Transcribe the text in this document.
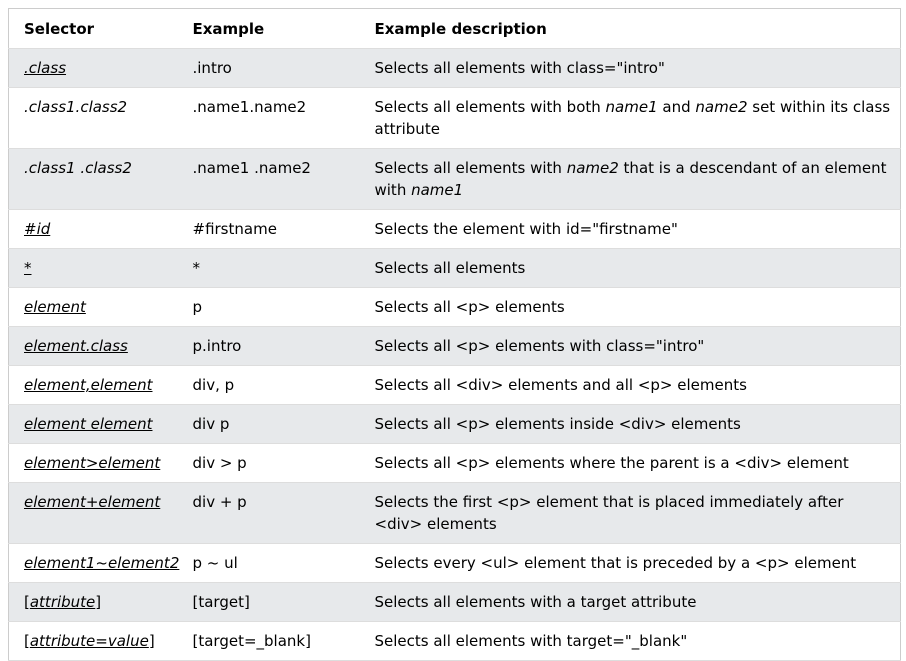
Selector	Example	Example description
.class	.intro	Selects all elements with class="intro"
.class1.class2	.name1.name2	Selects all elements with both name1 and name2 set within its class attribute
.class1 .class2	.name1 .name2	Selects all elements with name2 that is a descendant of an element with name1
#id	#firstname	Selects the element with id="firstname"
*	*	Selects all elements
element	p	Selects all <p> elements
element.class	p.intro	Selects all <p> elements with class="intro"
element,element	div, p	Selects all <div> elements and all <p> elements
element element	div p	Selects all <p> elements inside <div> elements
element>element	div > p	Selects all <p> elements where the parent is a <div> element
element+element	div + p	Selects the first <p> element that is placed immediately after <div> elements
element1~element2	p ~ ul	Selects every <ul> element that is preceded by a <p> element
[attribute]	[target]	Selects all elements with a target attribute
[attribute=value]	[target=_blank]	Selects all elements with target="_blank"
